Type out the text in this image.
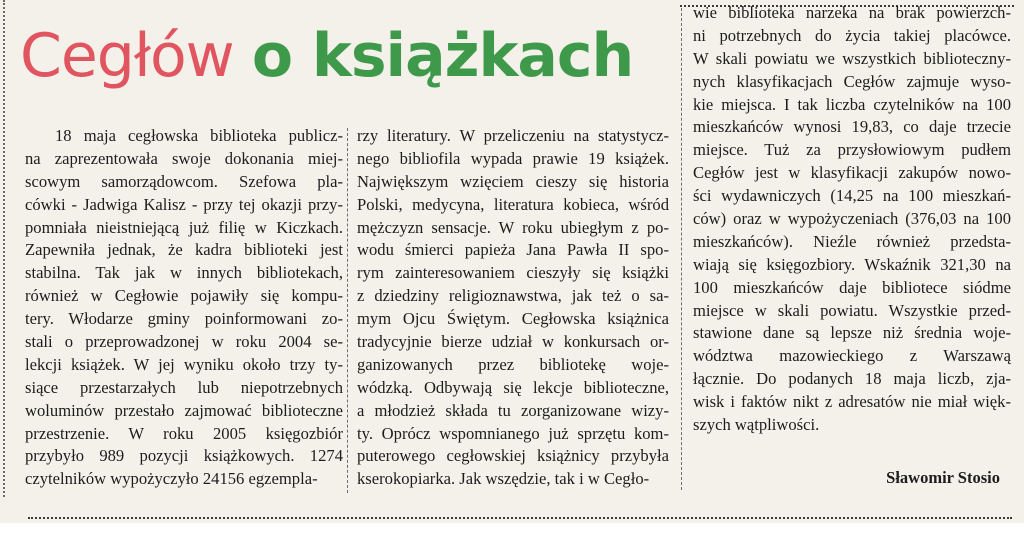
Cegłów o książkach
18 maja cegłowska biblioteka publicz-
na zaprezentowała swoje dokonania miej-
scowym samorządowcom. Szefowa pla-
cówki - Jadwiga Kalisz - przy tej okazji przy-
pomniała nieistniejącą już filię w Kiczkach.
Zapewniła jednak, że kadra biblioteki jest
stabilna. Tak jak w innych bibliotekach,
również w Cegłowie pojawiły się kompu-
tery. Włodarze gminy poinformowani zo-
stali o przeprowadzonej w roku 2004 se-
lekcji książek. W jej wyniku około trzy ty-
siące przestarzałych lub niepotrzebnych
woluminów przestało zajmować biblioteczne
przestrzenie. W roku 2005 księgozbiór
przybyło 989 pozycji książkowych. 1274
czytelników wypożyczyło 24156 egzempla-
rzy literatury. W przeliczeniu na statystycz-
nego bibliofila wypada prawie 19 książek.
Największym wzięciem cieszy się historia
Polski, medycyna, literatura kobieca, wśród
mężczyzn sensacje. W roku ubiegłym z po-
wodu śmierci papieża Jana Pawła II spo-
rym zainteresowaniem cieszyły się książki
z dziedziny religioznawstwa, jak też o sa-
mym Ojcu Świętym. Cegłowska książnica
tradycyjnie bierze udział w konkursach or-
ganizowanych przez bibliotekę woje-
wódzką. Odbywają się lekcje biblioteczne,
a młodzież składa tu zorganizowane wizy-
ty. Oprócz wspomnianego już sprzętu kom-
puterowego cegłowskiej książnicy przybyła
kserokopiarka. Jak wszędzie, tak i w Cegło-
wie biblioteka narzeka na brak powierzch-
ni potrzebnych do życia takiej placówce.
W skali powiatu we wszystkich biblioteczny-
nych klasyfikacjach Cegłów zajmuje wyso-
kie miejsca. I tak liczba czytelników na 100
mieszkańców wynosi 19,83, co daje trzecie
miejsce. Tuż za przysłowiowym pudłem
Cegłów jest w klasyfikacji zakupów nowo-
ści wydawniczych (14,25 na 100 mieszkań-
ców) oraz w wypożyczeniach (376,03 na 100
mieszkańców). Nieźle również przedsta-
wiają się księgozbiory. Wskaźnik 321,30 na
100 mieszkańców daje bibliotece siódme
miejsce w skali powiatu. Wszystkie przed-
stawione dane są lepsze niż średnia woje-
wództwa mazowieckiego z Warszawą
łącznie. Do podanych 18 maja liczb, zja-
wisk i faktów nikt z adresatów nie miał więk-
szych wątpliwości.
Sławomir Stosio
